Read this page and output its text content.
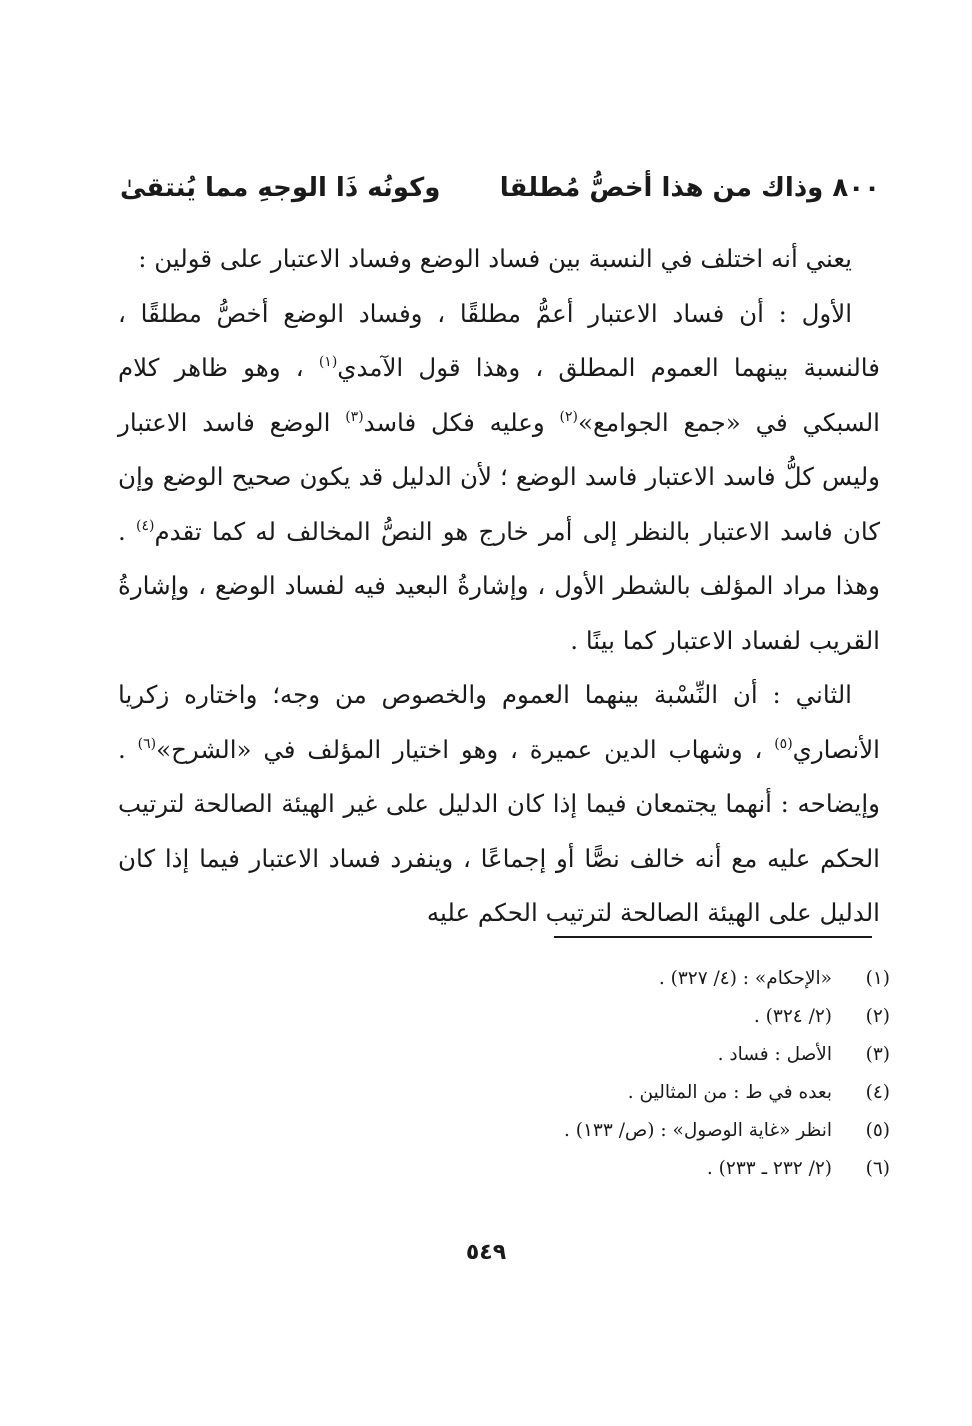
٨٠٠ وذاك من هذا أخصُّ مُطلقا
وكونُه ذَا الوجهِ مما يُنتقىٰ

يعني أنه اختلف في النسبة بين فساد الوضع وفساد الاعتبار على قولين :

الأول : أن فساد الاعتبار أعمُّ مطلقًا ، وفساد الوضع أخصُّ مطلقًا ، فالنسبة بينهما العموم المطلق ، وهذا قول الآمدي$^{(١)}$ ، وهو ظاهر كلام السبكي في «جمع الجوامع»$^{(٢)}$ وعليه فكل فاسد$^{(٣)}$ الوضع فاسد الاعتبار وليس كلُّ فاسد الاعتبار فاسد الوضع ؛ لأن الدليل قد يكون صحيح الوضع وإن كان فاسد الاعتبار بالنظر إلى أمر خارج هو النصُّ المخالف له كما تقدم$^{(٤)}$ . وهذا مراد المؤلف بالشطر الأول ، وإشارةُ البعيد فيه لفساد الوضع ، وإشارةُ القريب لفساد الاعتبار كما بينًا .

الثاني : أن النِّسْبة بينهما العموم والخصوص من وجه؛ واختاره زكريا الأنصاري$^{(٥)}$ ، وشهاب الدين عميرة ، وهو اختيار المؤلف في «الشرح»$^{(٦)}$ . وإيضاحه : أنهما يجتمعان فيما إذا كان الدليل على غير الهيئة الصالحة لترتيب الحكم عليه مع أنه خالف نصًّا أو إجماعًا ، وينفرد فساد الاعتبار فيما إذا كان الدليل على الهيئة الصالحة لترتيب الحكم عليه

(١)
«الإحكام» : (٤/ ٣٢٧) .
(٢)
(٢/ ٣٢٤) .
(٣)
الأصل : فساد .
(٤)
بعده في ط : من المثالين .
(٥)
انظر «غاية الوصول» : (ص/ ١٣٣) .
(٦)
(٢/ ٢٣٢ ـ ٢٣٣) .
٥٤٩
